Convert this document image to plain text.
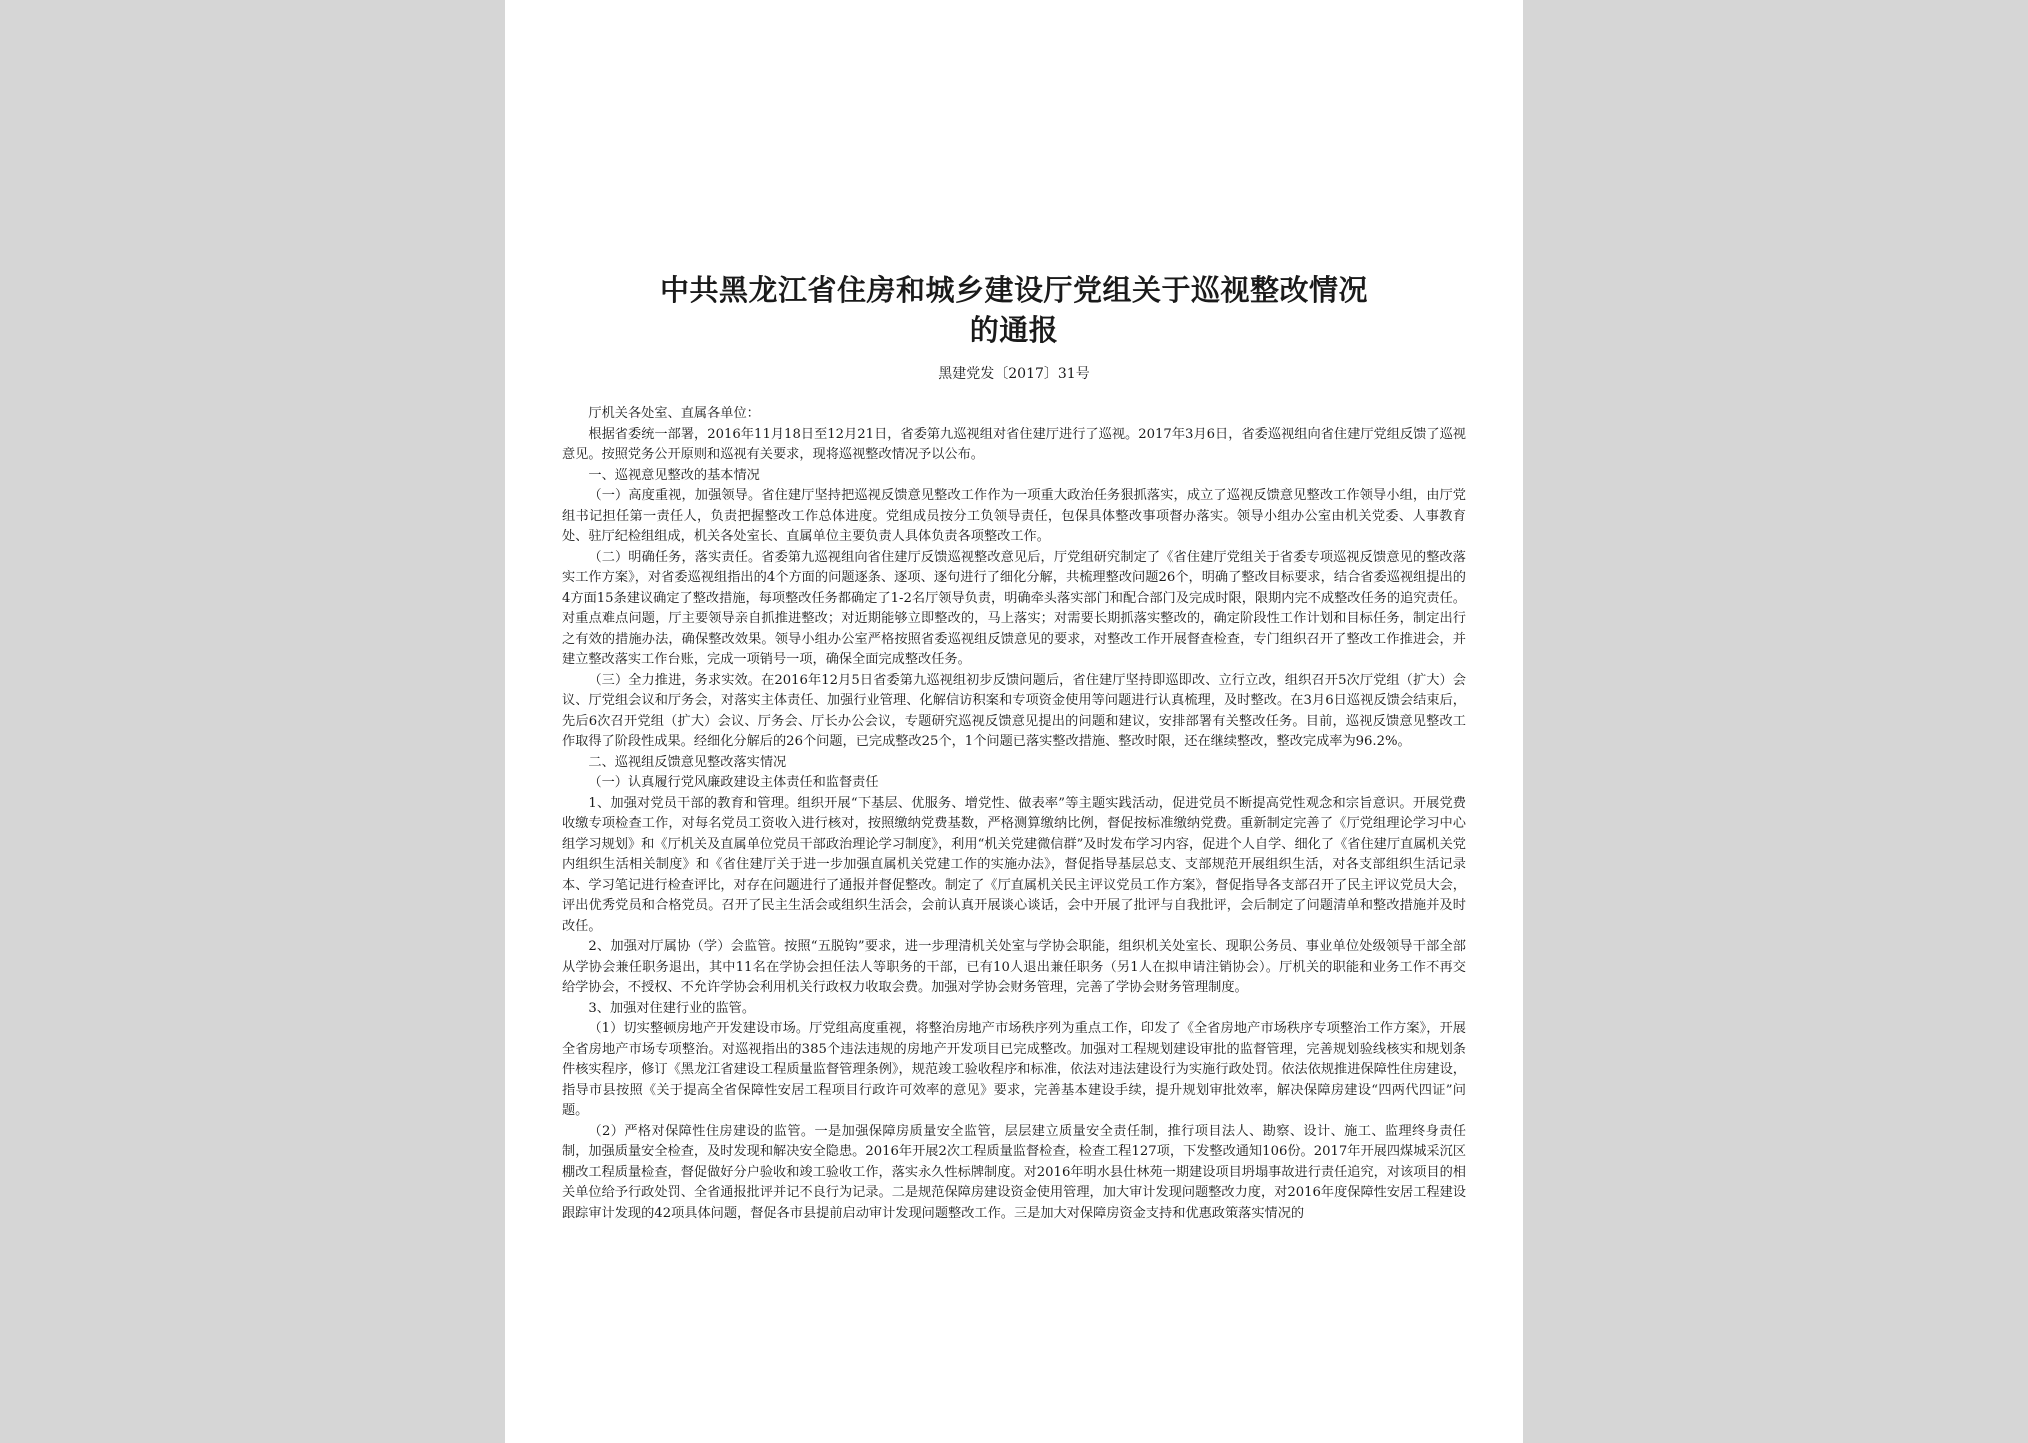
中共黑龙江省住房和城乡建设厅党组关于巡视整改情况
的通报
黑建党发〔2017〕31号

厅机关各处室、直属各单位：

根据省委统一部署，2016年11月18日至12月21日，省委第九巡视组对省住建厅进行了巡视。2017年3月6日，省委巡视组向省住建厅党组反馈了巡视意见。按照党务公开原则和巡视有关要求，现将巡视整改情况予以公布。

一、巡视意见整改的基本情况

（一）高度重视，加强领导。省住建厅坚持把巡视反馈意见整改工作作为一项重大政治任务狠抓落实，成立了巡视反馈意见整改工作领导小组，由厅党组书记担任第一责任人，负责把握整改工作总体进度。党组成员按分工负领导责任，包保具体整改事项督办落实。领导小组办公室由机关党委、人事教育处、驻厅纪检组组成，机关各处室长、直属单位主要负责人具体负责各项整改工作。

（二）明确任务，落实责任。省委第九巡视组向省住建厅反馈巡视整改意见后，厅党组研究制定了《省住建厅党组关于省委专项巡视反馈意见的整改落实工作方案》，对省委巡视组指出的4个方面的问题逐条、逐项、逐句进行了细化分解，共梳理整改问题26个，明确了整改目标要求，结合省委巡视组提出的4方面15条建议确定了整改措施，每项整改任务都确定了1-2名厅领导负责，明确牵头落实部门和配合部门及完成时限，限期内完不成整改任务的追究责任。对重点难点问题，厅主要领导亲自抓推进整改；对近期能够立即整改的，马上落实；对需要长期抓落实整改的，确定阶段性工作计划和目标任务，制定出行之有效的措施办法，确保整改效果。领导小组办公室严格按照省委巡视组反馈意见的要求，对整改工作开展督查检查，专门组织召开了整改工作推进会，并建立整改落实工作台账，完成一项销号一项，确保全面完成整改任务。

（三）全力推进，务求实效。在2016年12月5日省委第九巡视组初步反馈问题后，省住建厅坚持即巡即改、立行立改，组织召开5次厅党组（扩大）会议、厅党组会议和厅务会，对落实主体责任、加强行业管理、化解信访积案和专项资金使用等问题进行认真梳理，及时整改。在3月6日巡视反馈会结束后，先后6次召开党组（扩大）会议、厅务会、厅长办公会议，专题研究巡视反馈意见提出的问题和建议，安排部署有关整改任务。目前，巡视反馈意见整改工作取得了阶段性成果。经细化分解后的26个问题，已完成整改25个，1个问题已落实整改措施、整改时限，还在继续整改，整改完成率为96.2%。

二、巡视组反馈意见整改落实情况

（一）认真履行党风廉政建设主体责任和监督责任

1、加强对党员干部的教育和管理。组织开展“下基层、优服务、增党性、做表率”等主题实践活动，促进党员不断提高党性观念和宗旨意识。开展党费收缴专项检查工作，对每名党员工资收入进行核对，按照缴纳党费基数，严格测算缴纳比例，督促按标准缴纳党费。重新制定完善了《厅党组理论学习中心组学习规划》和《厅机关及直属单位党员干部政治理论学习制度》，利用“机关党建微信群”及时发布学习内容，促进个人自学、细化了《省住建厅直属机关党内组织生活相关制度》和《省住建厅关于进一步加强直属机关党建工作的实施办法》，督促指导基层总支、支部规范开展组织生活，对各支部组织生活记录本、学习笔记进行检查评比，对存在问题进行了通报并督促整改。制定了《厅直属机关民主评议党员工作方案》，督促指导各支部召开了民主评议党员大会，评出优秀党员和合格党员。召开了民主生活会或组织生活会，会前认真开展谈心谈话，会中开展了批评与自我批评，会后制定了问题清单和整改措施并及时改任。

2、加强对厅属协（学）会监管。按照“五脱钩”要求，进一步理清机关处室与学协会职能，组织机关处室长、现职公务员、事业单位处级领导干部全部从学协会兼任职务退出，其中11名在学协会担任法人等职务的干部，已有10人退出兼任职务（另1人在拟申请注销协会）。厅机关的职能和业务工作不再交给学协会，不授权、不允许学协会利用机关行政权力收取会费。加强对学协会财务管理，完善了学协会财务管理制度。

3、加强对住建行业的监管。

（1）切实整顿房地产开发建设市场。厅党组高度重视，将整治房地产市场秩序列为重点工作，印发了《全省房地产市场秩序专项整治工作方案》，开展全省房地产市场专项整治。对巡视指出的385个违法违规的房地产开发项目已完成整改。加强对工程规划建设审批的监督管理，完善规划验线核实和规划条件核实程序，修订《黑龙江省建设工程质量监督管理条例》，规范竣工验收程序和标准，依法对违法建设行为实施行政处罚。依法依规推进保障性住房建设，指导市县按照《关于提高全省保障性安居工程项目行政许可效率的意见》要求，完善基本建设手续，提升规划审批效率，解决保障房建设“四两代四证”问题。

（2）严格对保障性住房建设的监管。一是加强保障房质量安全监管，层层建立质量安全责任制，推行项目法人、勘察、设计、施工、监理终身责任制，加强质量安全检查，及时发现和解决安全隐患。2016年开展2次工程质量监督检查，检查工程127项，下发整改通知106份。2017年开展四煤城采沉区棚改工程质量检查，督促做好分户验收和竣工验收工作，落实永久性标牌制度。对2016年明水县仕林苑一期建设项目坍塌事故进行责任追究，对该项目的相关单位给予行政处罚、全省通报批评并记不良行为记录。二是规范保障房建设资金使用管理，加大审计发现问题整改力度，对2016年度保障性安居工程建设跟踪审计发现的42项具体问题，督促各市县提前启动审计发现问题整改工作。三是加大对保障房资金支持和优惠政策落实情况的
